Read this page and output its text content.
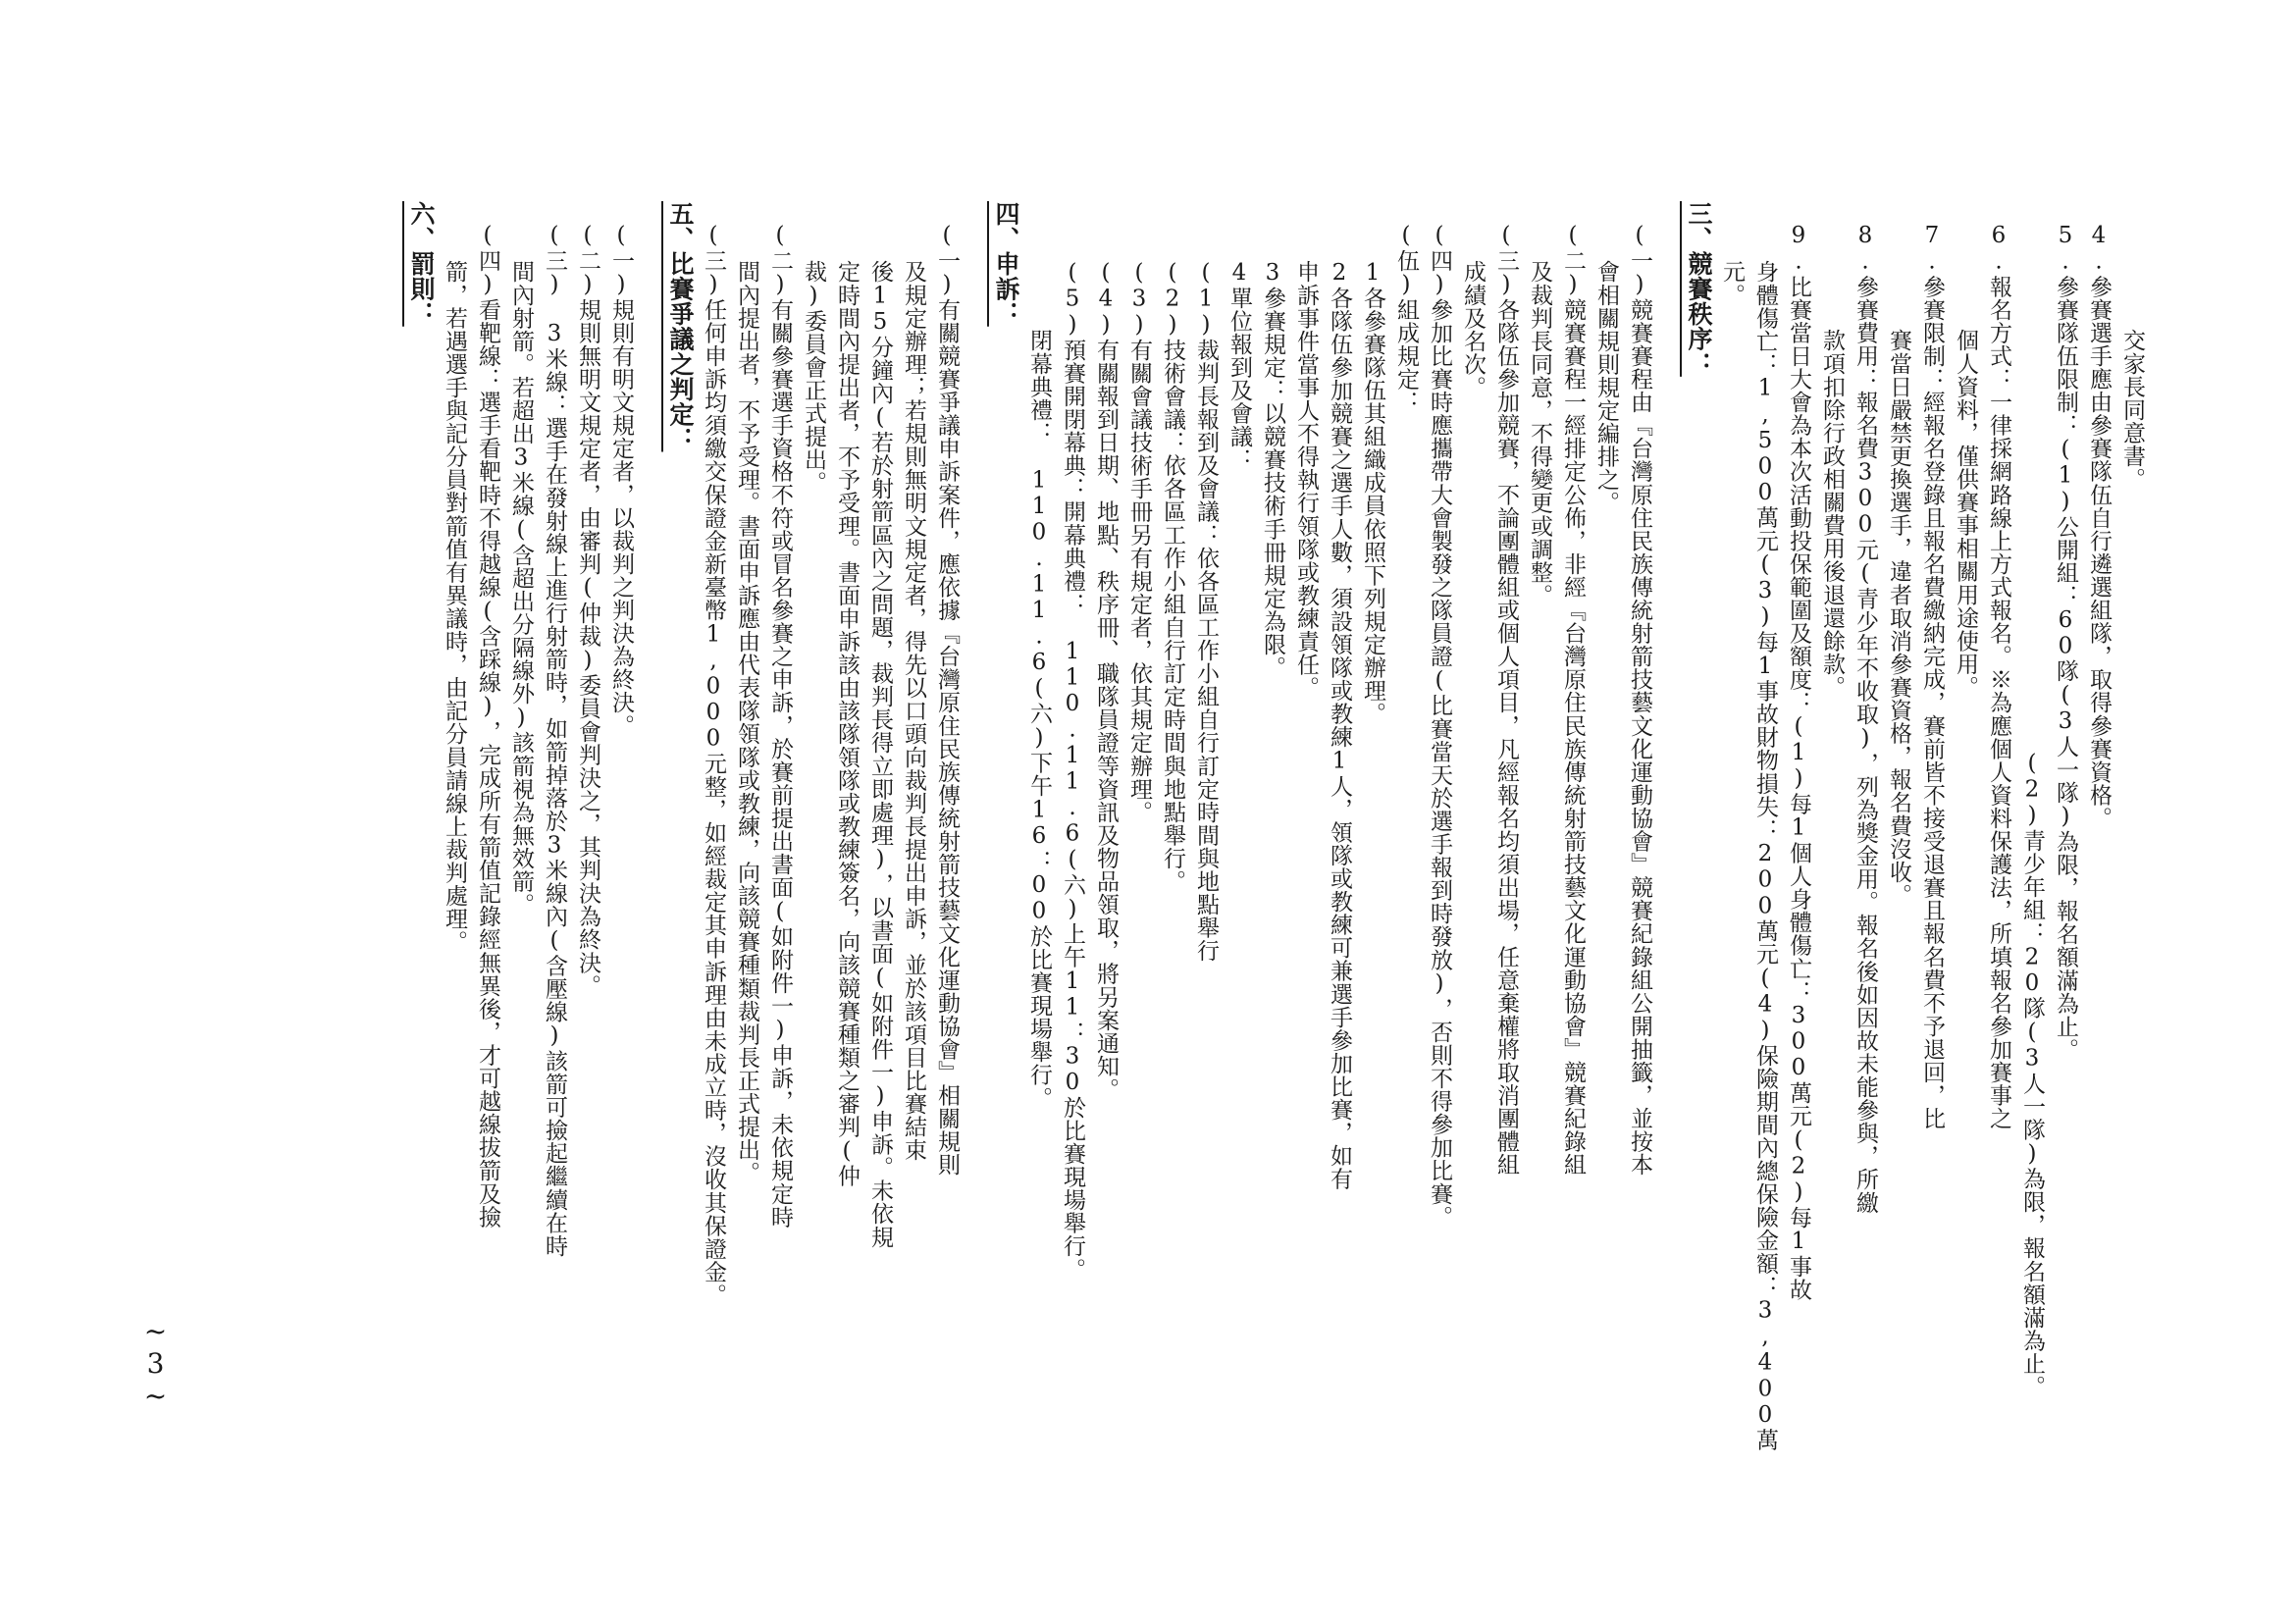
交家長同意書。
4.參賽選手應由參賽隊伍自行遴選組隊，取得參賽資格。
5.參賽隊伍限制：(1)公開組：60隊(3人一隊)為限，報名額滿為止。
(2)青少年組：20隊(3人一隊)為限，報名額滿為止。
6.報名方式：一律採網路線上方式報名。※為應個人資料保護法，所填報名參加賽事之
個人資料，僅供賽事相關用途使用。
7.參賽限制：經報名登錄且報名費繳納完成，賽前皆不接受退賽且報名費不予退回，比
賽當日嚴禁更換選手，違者取消參賽資格，報名費沒收。
8.參賽費用：報名費300元(青少年不收取)，列為獎金用。報名後如因故未能參與，所繳
款項扣除行政相關費用後退還餘款。
9.比賽當日大會為本次活動投保範圍及額度：(1)每1個人身體傷亡：300萬元(2)每1事故
身體傷亡：1,500萬元(3)每1事故財物損失：200萬元(4)保險期間內總保險金額：3,400萬
元。
三、競賽秩序：
(一)競賽賽程由『台灣原住民族傳統射箭技藝文化運動協會』競賽紀錄組公開抽籤，並按本
會相關規則規定編排之。
(二)競賽賽程一經排定公佈，非經『台灣原住民族傳統射箭技藝文化運動協會』競賽紀錄組
及裁判長同意，不得變更或調整。
(三)各隊伍參加競賽，不論團體組或個人項目，凡經報名均須出場，任意棄權將取消團體組
成績及名次。
(四)參加比賽時應攜帶大會製發之隊員證(比賽當天於選手報到時發放)，否則不得參加比賽。
(伍)組成規定：
1各參賽隊伍其組織成員依照下列規定辦理。
2各隊伍參加競賽之選手人數，須設領隊或教練1人，領隊或教練可兼選手參加比賽，如有
申訴事件當事人不得執行領隊或教練責任。
3參賽規定：以競賽技術手冊規定為限。
4單位報到及會議：
(1)裁判長報到及會議：依各區工作小組自行訂定時間與地點舉行
(2)技術會議：依各區工作小組自行訂定時間與地點舉行。
(3)有關會議技術手冊另有規定者，依其規定辦理。
(4)有關報到日期、地點、秩序冊、職隊員證等資訊及物品領取，將另案通知。
(5)預賽開閉幕典：開幕典禮：　110.11.6(六)上午11：30於比賽現場舉行。
閉幕典禮：　110.11.6(六)下午16：00於比賽現場舉行。
四、申訴：
(一)有關競賽爭議申訴案件，應依據『台灣原住民族傳統射箭技藝文化運動協會』相關規則
及規定辦理；若規則無明文規定者，得先以口頭向裁判長提出申訴，並於該項目比賽結束
後15分鐘內(若於射箭區內之問題，裁判長得立即處理)，以書面(如附件一)申訴。未依規
定時間內提出者，不予受理。書面申訴該由該隊領隊或教練簽名，向該競賽種類之審判(仲
裁)委員會正式提出。
(二)有關參賽選手資格不符或冒名參賽之申訴，於賽前提出書面(如附件一)申訴，未依規定時
間內提出者，不予受理。書面申訴應由代表隊領隊或教練，向該競賽種類裁判長正式提出。
(三)任何申訴均須繳交保證金新臺幣1,000元整，如經裁定其申訴理由未成立時，沒收其保證金。
五、比賽爭議之判定：
(一)規則有明文規定者，以裁判之判決為終決。
(二)規則無明文規定者，由審判(仲裁)委員會判決之，其判決為終決。
(三)　3米線：選手在發射線上進行射箭時，如箭掉落於3米線內(含壓線)該箭可撿起繼續在時
間內射箭。若超出3米線(含超出分隔線外)該箭視為無效箭。
(四)看靶線：選手看靶時不得越線(含踩線)，完成所有箭值記錄經無異後，才可越線拔箭及撿
箭，若遇選手與記分員對箭值有異議時，由記分員請線上裁判處理。
六、罰則：
~3~
